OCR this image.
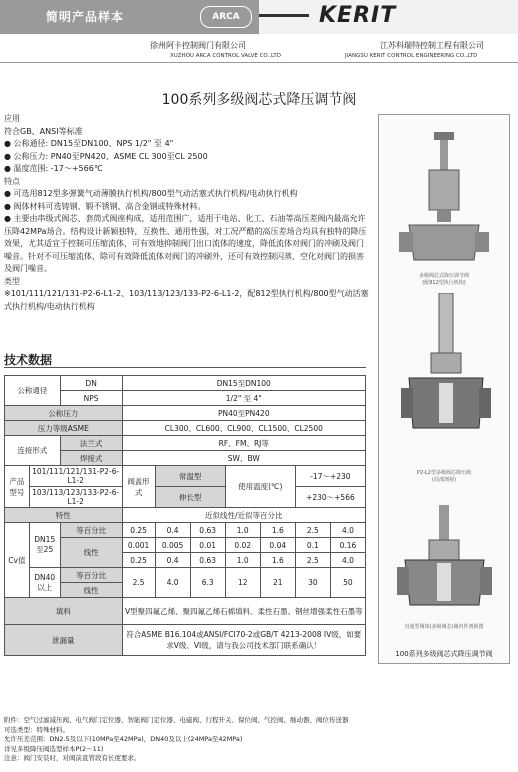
简明产品样本	ARCA	KERIT
徐州阿卡控制阀门有限公司
XUZHOU ARCA CONTROL VALVE CO.,LTD
江苏科瑞特控制工程有限公司
JIANGSU KERIT CONTROL ENGINEERING CO.,LTD
100系列多级阀芯式降压调节阀

应用

符合GB、ANSI等标准

● 公称通径: DN15至DN100、NPS 1/2" 至 4"

● 公称压力: PN40至PN420、ASME CL 300至CL 2500

● 温度范围: -17～+566℃

特点

● 可选用812型多弹簧气动薄膜执行机构/800型气动活塞式执行机构/电动执行机构

● 阀体材料可选铸钢、锻不锈钢、高合金钢或特殊材料。

● 主要由串级式阀芯、套筒式阀座构成，适用范围广，适用于电站、化工、石油等高压差阀内最高允许压降42MPa场合。结构设计新颖独特，互换性、通用性强，对工况严酷的高压差场合均具有独特的降压效果，尤其适宜于控制可压缩流体，可有效地抑制阀门出口流体的速度，降低流体对阀门的冲刷及阀门噪音。针对不可压缩流体，除可有效降低流体对阀门的冲刷外，还可有效控制闪蒸、空化对阀门的损害及阀门噪音。

类型

※101/111/121/131-P2-6-L1-2、103/113/123/133-P2-6-L1-2，配812型执行机构/800型气动活塞式执行机构/电动执行机构

技术数据
公称通径		DN	DN15至DN100						
		NPS	1/2" 至 4"						
公称压力			PN40至PN420						
压力等级ASME			CL300、CL600、CL900、CL1500、CL2500						
连接形式		法兰式	RF、FM、RJ等						
		焊接式	SW、BW						
产品型号	101/111/121/131-P2-6-L1-2		阀盖形式	常温型		使用温度(℃)		-17～+230	
	103/113/123/133-P2-6-L1-2			伸长型				+230～+566	
特性			近似线性/近似等百分比						
Cv值	DN15至25	等百分比	0.25	0.4	0.63	1.0	1.6	2.5	4.0
		线性	0.001	0.005	0.01	0.02	0.04	0.1	0.16
			0.25	0.4	0.63	1.0	1.6	2.5	4.0
	DN40以上	等百分比	2.5	4.0	6.3	12	21	30	50
		线性							
填料			V型聚四氟乙烯、聚四氟乙烯石棉填料、柔性石墨、钢丝增强柔性石墨等						
泄漏量			符合ASME B16.104或ANSI/FCI70-2或GB/T 4213-2008 IV级，如要求V级、VI级，请与我公司技术部门联系确认！						

附件：空气过滤减压阀、电气阀门定位器、智能阀门定位器、电磁阀、行程开关、保位阀、气控阀、继动器、阀位传送器

可选类型：特殊材料。

允许压差范围：DN2.5及以下(10MPa至42MPa)，DN40及以上(24MPa至42MPa)

详见多级降压阀选型样本P(2～11)

注意：阀门安装时，对阀前直管段有长度要求。

多级阀芯式降压调节阀
(配812型执行机构)
P2-L2型多级阀芯降压阀
(局部剖视)
直通型阀体(多级阀芯)阀内件剖视图
100系列多级阀芯式降压调节阀
